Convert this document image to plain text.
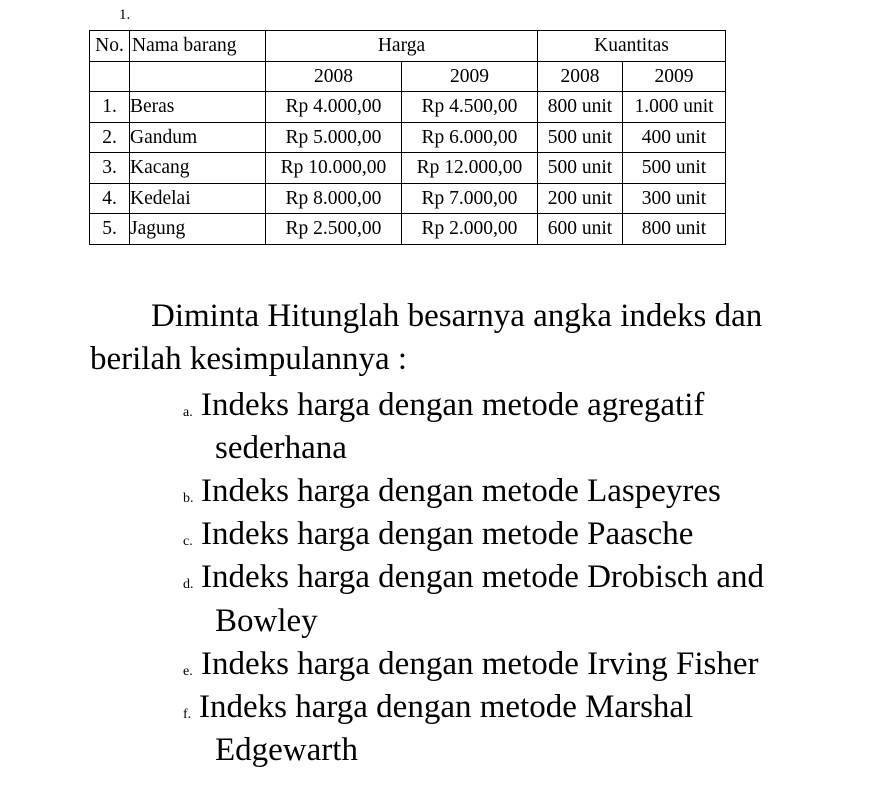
1.
No.	Nama barang	Harga		Kuantitas	
		2008	2009	2008	2009
1.	Beras	Rp 4.000,00	Rp 4.500,00	800 unit	1.000 unit
2.	Gandum	Rp 5.000,00	Rp 6.000,00	500 unit	400 unit
3.	Kacang	Rp 10.000,00	Rp 12.000,00	500 unit	500 unit
4.	Kedelai	Rp 8.000,00	Rp 7.000,00	200 unit	300 unit
5.	Jagung	Rp 2.500,00	Rp 2.000,00	600 unit	800 unit
Diminta Hitunglah besarnya angka indeks dan
berilah kesimpulannya :
a. Indeks harga dengan metode agregatif
sederhana
b. Indeks harga dengan metode Laspeyres
c. Indeks harga dengan metode Paasche
d. Indeks harga dengan metode Drobisch and
Bowley
e. Indeks harga dengan metode Irving Fisher
f. Indeks harga dengan metode Marshal
Edgewarth
